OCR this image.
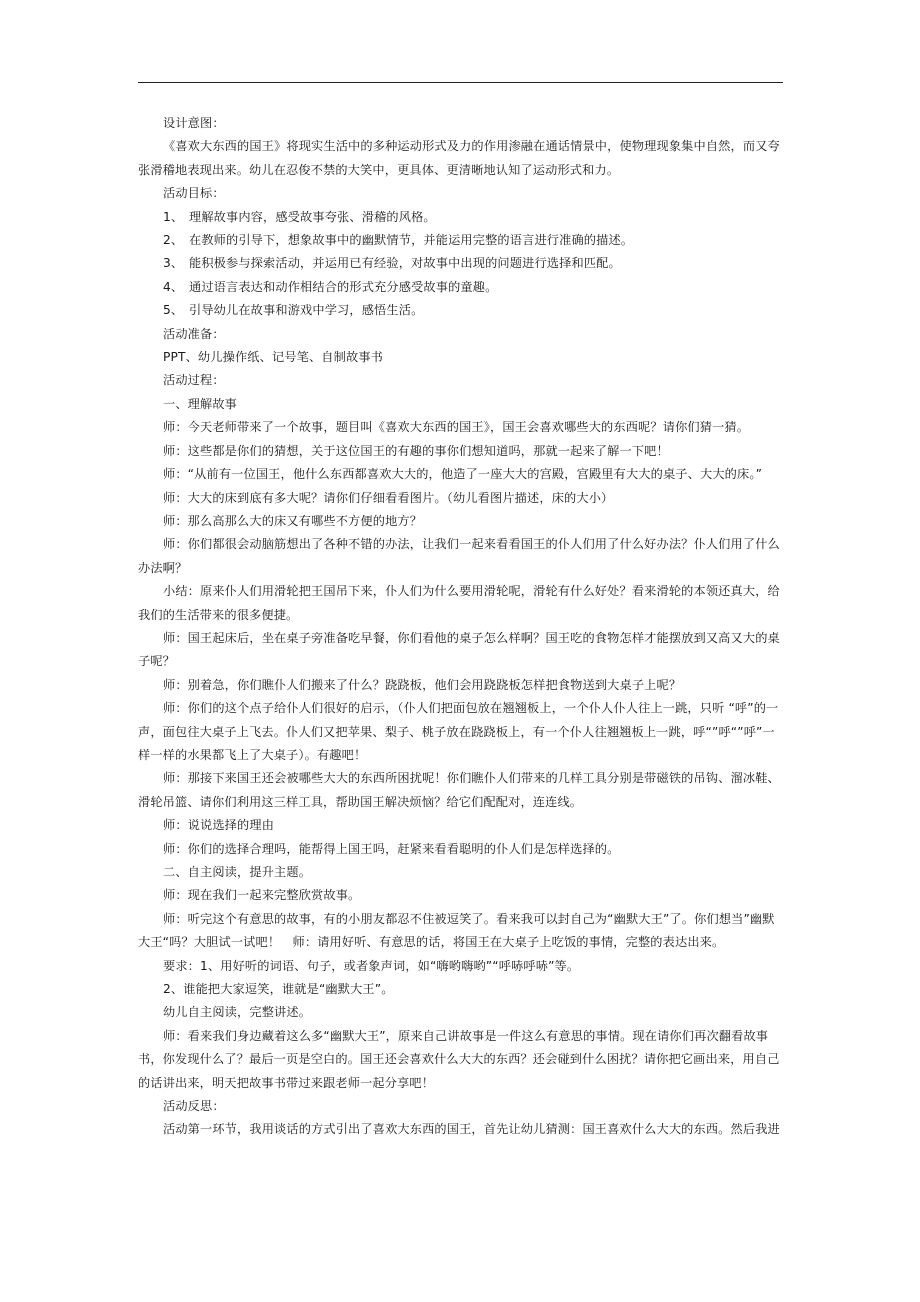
设计意图：

《喜欢大东西的国王》将现实生活中的多种运动形式及力的作用渗融在通话情景中，使物理现象集中自然，而又夸张滑稽地表现出来。幼儿在忍俊不禁的大笑中，更具体、更清晰地认知了运动形式和力。

活动目标：

1、 理解故事内容，感受故事夸张、滑稽的风格。

2、 在教师的引导下，想象故事中的幽默情节，并能运用完整的语言进行准确的描述。

3、 能积极参与探索活动，并运用已有经验，对故事中出现的问题进行选择和匹配。

4、 通过语言表达和动作相结合的形式充分感受故事的童趣。

5、 引导幼儿在故事和游戏中学习，感悟生活。

活动准备：

PPT、幼儿操作纸、记号笔、自制故事书

活动过程：

一、理解故事

师：今天老师带来了一个故事，题目叫《喜欢大东西的国王》，国王会喜欢哪些大的东西呢？请你们猜一猜。

师：这些都是你们的猜想，关于这位国王的有趣的事你们想知道吗，那就一起来了解一下吧！

师：“从前有一位国王，他什么东西都喜欢大大的，他造了一座大大的宫殿，宫殿里有大大的桌子、大大的床。”

师：大大的床到底有多大呢？请你们仔细看看图片。（幼儿看图片描述，床的大小）

师：那么高那么大的床又有哪些不方便的地方？

师：你们都很会动脑筋想出了各种不错的办法，让我们一起来看看国王的仆人们用了什么好办法？仆人们用了什么办法啊？

小结：原来仆人们用滑轮把王国吊下来，仆人们为什么要用滑轮呢，滑轮有什么好处？看来滑轮的本领还真大，给我们的生活带来的很多便捷。

师：国王起床后，坐在桌子旁准备吃早餐，你们看他的桌子怎么样啊？国王吃的食物怎样才能摆放到又高又大的桌子呢？

师：别着急，你们瞧仆人们搬来了什么？跷跷板，他们会用跷跷板怎样把食物送到大桌子上呢？

师：你们的这个点子给仆人们很好的启示，（仆人们把面包放在翘翘板上，一个仆人仆人往上一跳，只听 “呼”的一声，面包往大桌子上飞去。仆人们又把苹果、梨子、桃子放在跷跷板上，有一个仆人往翘翘板上一跳，呼“”呼“”呼”一样一样的水果都飞上了大桌子）。有趣吧！

师：那接下来国王还会被哪些大大的东西所困扰呢！你们瞧仆人们带来的几样工具分别是带磁铁的吊钩、溜冰鞋、滑轮吊篮、请你们利用这三样工具，帮助国王解决烦恼？给它们配配对，连连线。

师：说说选择的理由

师：你们的选择合理吗，能帮得上国王吗，赶紧来看看聪明的仆人们是怎样选择的。

二、自主阅读，提升主题。

师：现在我们一起来完整欣赏故事。

师：听完这个有意思的故事，有的小朋友都忍不住被逗笑了。看来我可以封自己为“幽默大王”了。你们想当”幽默大王“吗？大胆试一试吧！　师：请用好听、有意思的话，将国王在大桌子上吃饭的事情，完整的表达出来。

要求：1、用好听的词语、句子，或者象声词，如“嗨哟嗨哟”“呼哧呼哧”等。

2、谁能把大家逗笑，谁就是“幽默大王”。

幼儿自主阅读，完整讲述。

师：看来我们身边藏着这么多“幽默大王”，原来自己讲故事是一件这么有意思的事情。现在请你们再次翻看故事书，你发现什么了？最后一页是空白的。国王还会喜欢什么大大的东西？还会碰到什么困扰？请你把它画出来，用自己的话讲出来，明天把故事书带过来跟老师一起分享吧！

活动反思：

活动第一环节，我用谈话的方式引出了喜欢大东西的国王，首先让幼儿猜测：国王喜欢什么大大的东西。然后我进
